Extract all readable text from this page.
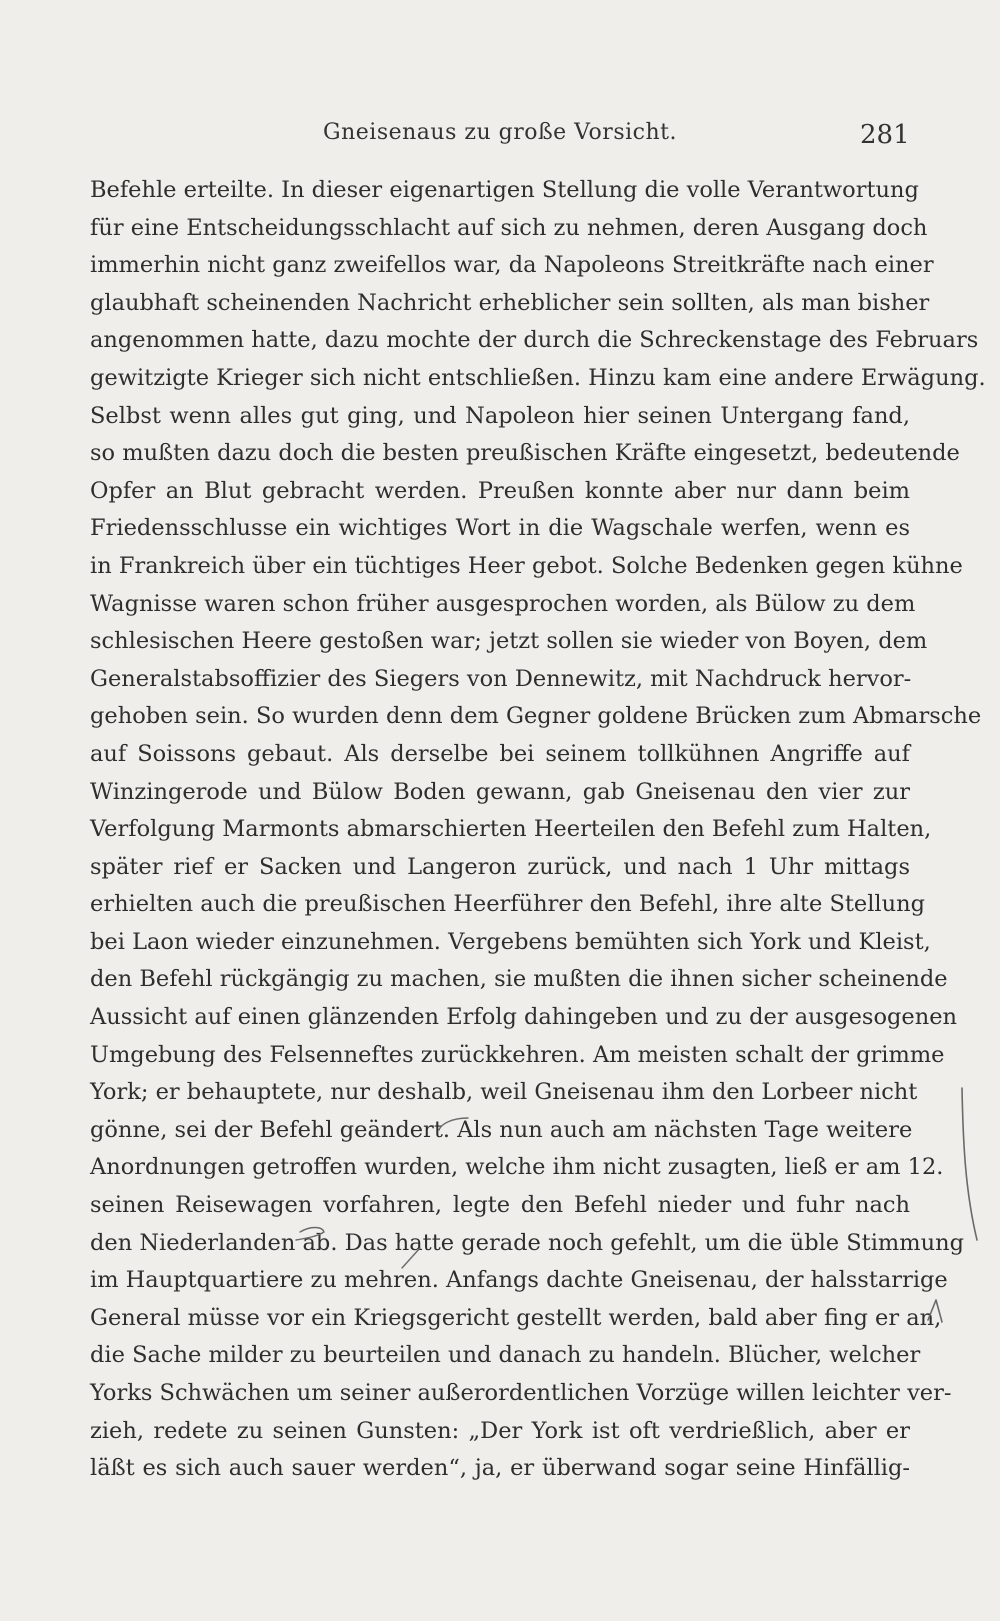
Gneisenaus zu große Vorsicht.	281
Befehle erteilte. In dieser eigenartigen Stellung die volle Verantwortung
für eine Entscheidungsschlacht auf sich zu nehmen, deren Ausgang doch
immerhin nicht ganz zweifellos war, da Napoleons Streitkräfte nach einer
glaubhaft scheinenden Nachricht erheblicher sein sollten, als man bisher
angenommen hatte, dazu mochte der durch die Schreckenstage des Februars
gewitzigte Krieger sich nicht entschließen. Hinzu kam eine andere Erwägung.
Selbst wenn alles gut ging, und Napoleon hier seinen Untergang fand,
so mußten dazu doch die besten preußischen Kräfte eingesetzt, bedeutende
Opfer an Blut gebracht werden. Preußen konnte aber nur dann beim
Friedensschlusse ein wichtiges Wort in die Wagschale werfen, wenn es
in Frankreich über ein tüchtiges Heer gebot. Solche Bedenken gegen kühne
Wagnisse waren schon früher ausgesprochen worden, als Bülow zu dem
schlesischen Heere gestoßen war; jetzt sollen sie wieder von Boyen, dem
Generalstabsoffizier des Siegers von Dennewitz, mit Nachdruck hervor-
gehoben sein. So wurden denn dem Gegner goldene Brücken zum Abmarsche
auf Soissons gebaut. Als derselbe bei seinem tollkühnen Angriffe auf
Winzingerode und Bülow Boden gewann, gab Gneisenau den vier zur
Verfolgung Marmonts abmarschierten Heerteilen den Befehl zum Halten,
später rief er Sacken und Langeron zurück, und nach 1 Uhr mittags
erhielten auch die preußischen Heerführer den Befehl, ihre alte Stellung
bei Laon wieder einzunehmen. Vergebens bemühten sich York und Kleist,
den Befehl rückgängig zu machen, sie mußten die ihnen sicher scheinende
Aussicht auf einen glänzenden Erfolg dahingeben und zu der ausgesogenen
Umgebung des Felsenneftes zurückkehren. Am meisten schalt der grimme
York; er behauptete, nur deshalb, weil Gneisenau ihm den Lorbeer nicht
gönne, sei der Befehl geändert. Als nun auch am nächsten Tage weitere
Anordnungen getroffen wurden, welche ihm nicht zusagten, ließ er am 12.
seinen Reisewagen vorfahren, legte den Befehl nieder und fuhr nach
den Niederlanden ab. Das hatte gerade noch gefehlt, um die üble Stimmung
im Hauptquartiere zu mehren. Anfangs dachte Gneisenau, der halsstarrige
General müsse vor ein Kriegsgericht gestellt werden, bald aber fing er an,
die Sache milder zu beurteilen und danach zu handeln. Blücher, welcher
Yorks Schwächen um seiner außerordentlichen Vorzüge willen leichter ver-
zieh, redete zu seinen Gunsten: „Der York ist oft verdrießlich, aber er
läßt es sich auch sauer werden“, ja, er überwand sogar seine Hinfällig-
